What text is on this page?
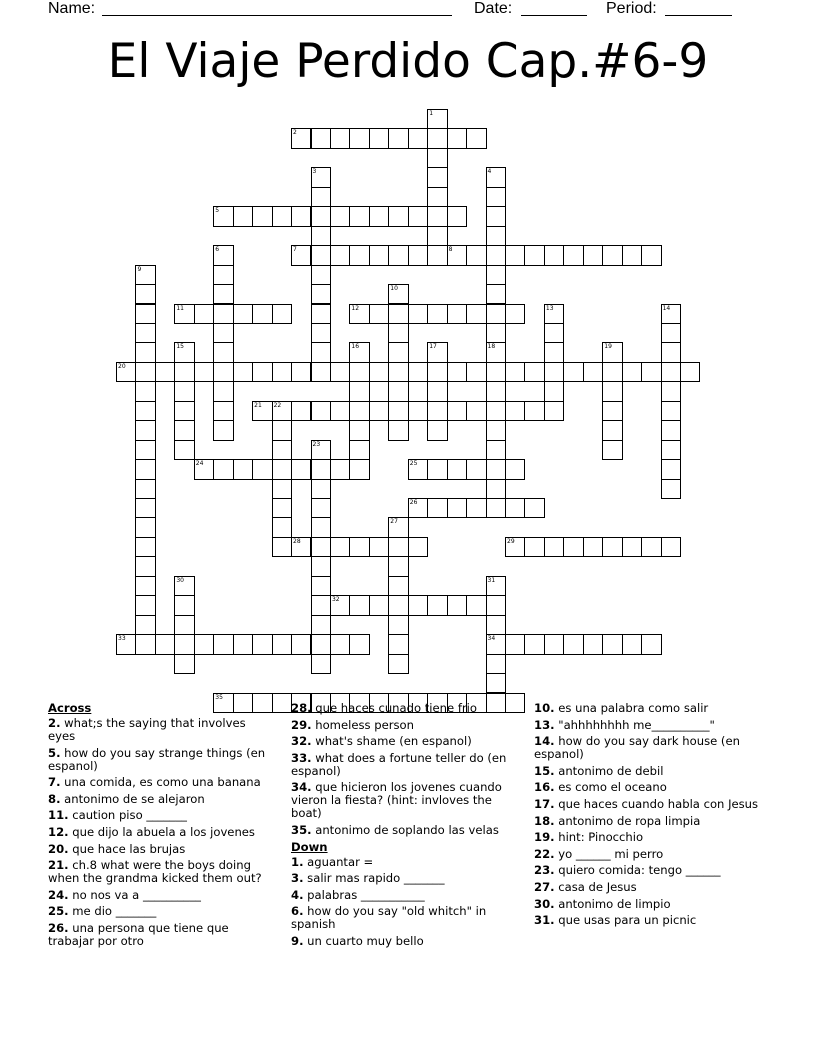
Name:	Date:	Period:
El Viaje Perdido Cap.#6-9
1
2
3	4
5
6	7	8
9
10
11	12	13	14
15	16	17	18	19
20
21 22
23
24	25
26
27
28	29
30	31
32
33	34
35
Across
2. what;s the saying that involves eyes
5. how do you say strange things (en espanol)
7. una comida, es como una banana
8. antonimo de se alejaron
11. caution piso _______
12. que dijo la abuela a los jovenes
20. que hace las brujas
21. ch.8 what were the boys doing when the grandma kicked them out?
24. no nos va a __________
25. me dio _______
26. una persona que tiene que trabajar por otro
28. que haces cunado tiene frio
29. homeless person
32. what's shame (en espanol)
33. what does a fortune teller do (en espanol)
34. que hicieron los jovenes cuando vieron la fiesta? (hint: invloves the boat)
35. antonimo de soplando las velas
Down
1. aguantar =
3. salir mas rapido _______
4. palabras ___________
6. how do you say "old whitch" in spanish
9. un cuarto muy bello
10. es una palabra como salir
13. "ahhhhhhhh me__________"
14. how do you say dark house (en espanol)
15. antonimo de debil
16. es como el oceano
17. que haces cuando habla con Jesus
18. antonimo de ropa limpia
19. hint: Pinocchio
22. yo ______ mi perro
23. quiero comida: tengo ______
27. casa de Jesus
30. antonimo de limpio
31. que usas para un picnic
